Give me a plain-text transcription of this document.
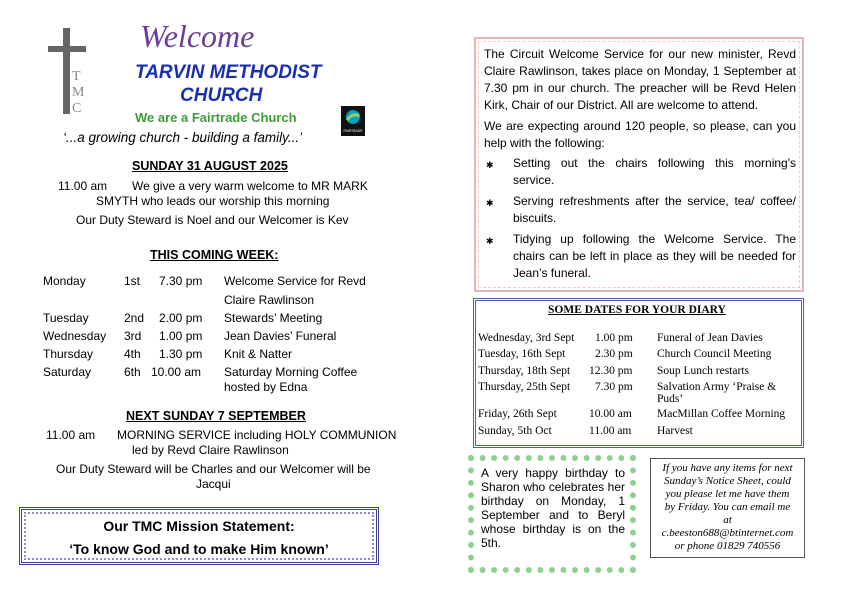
T
M
C
Welcome
TARVIN METHODIST
CHURCH
We are a Fairtrade Church
FAIRTRADE
‘...a growing church - building a family...’
SUNDAY 31 AUGUST 2025
11.00 am We give a very warm welcome to MR MARK
SMYTH who leads our worship this morning
Our Duty Steward is Noel and our Welcomer is Kev
THIS COMING WEEK:
Monday	1st 7.30 pm Welcome Service for Revd
Claire Rawlinson
Tuesday	2nd 2.00 pm Stewards’ Meeting
Wednesday 3rd 1.00 pm Jean Davies’ Funeral
Thursday	4th 1.30 pm Knit & Natter
Saturday	6th 10.00 am Saturday Morning Coffee
hosted by Edna
NEXT SUNDAY 7 SEPTEMBER
11.00 am MORNING SERVICE including HOLY COMMUNION
led by Revd Claire Rawlinson
Our Duty Steward will be Charles and our Welcomer will be
Jacqui
Our TMC Mission Statement:
‘To know God and to make Him known’
The Circuit Welcome Service for our new minister, Revd Claire Rawlinson, takes place on Monday, 1 September at 7.30 pm in our church. The preacher will be Revd Helen Kirk, Chair of our District. All are welcome to attend.
We are expecting around 120 people, so please, can you help with the following:
✱ Setting out the chairs following this morning's service.
✱ Serving refreshments after the service, tea/ coffee/ biscuits.
✱ Tidying up following the Welcome Service. The chairs can be left in place as they will be needed for Jean’s funeral.
SOME DATES FOR YOUR DIARY
Wednesday, 3rd Sept 1.00 pm Funeral of Jean Davies
Tuesday, 16th Sept	2.30 pm Church Council Meeting
Thursday, 18th Sept 12.30 pm Soup Lunch restarts
Thursday, 25th Sept 7.30 pm Salvation Army ‘Praise &
Puds’
Friday, 26th Sept	10.00 am MacMillan Coffee Morning
Sunday, 5th Oct	11.00 am Harvest
A very happy birthday to Sharon who celebrates her birthday on Monday, 1 September and to Beryl whose birthday is on the 5th.
If you have any items for next
Sunday’s Notice Sheet, could
you please let me have them
by Friday. You can email me
at
c.beeston688@btinternet.com
or phone 01829 740556
